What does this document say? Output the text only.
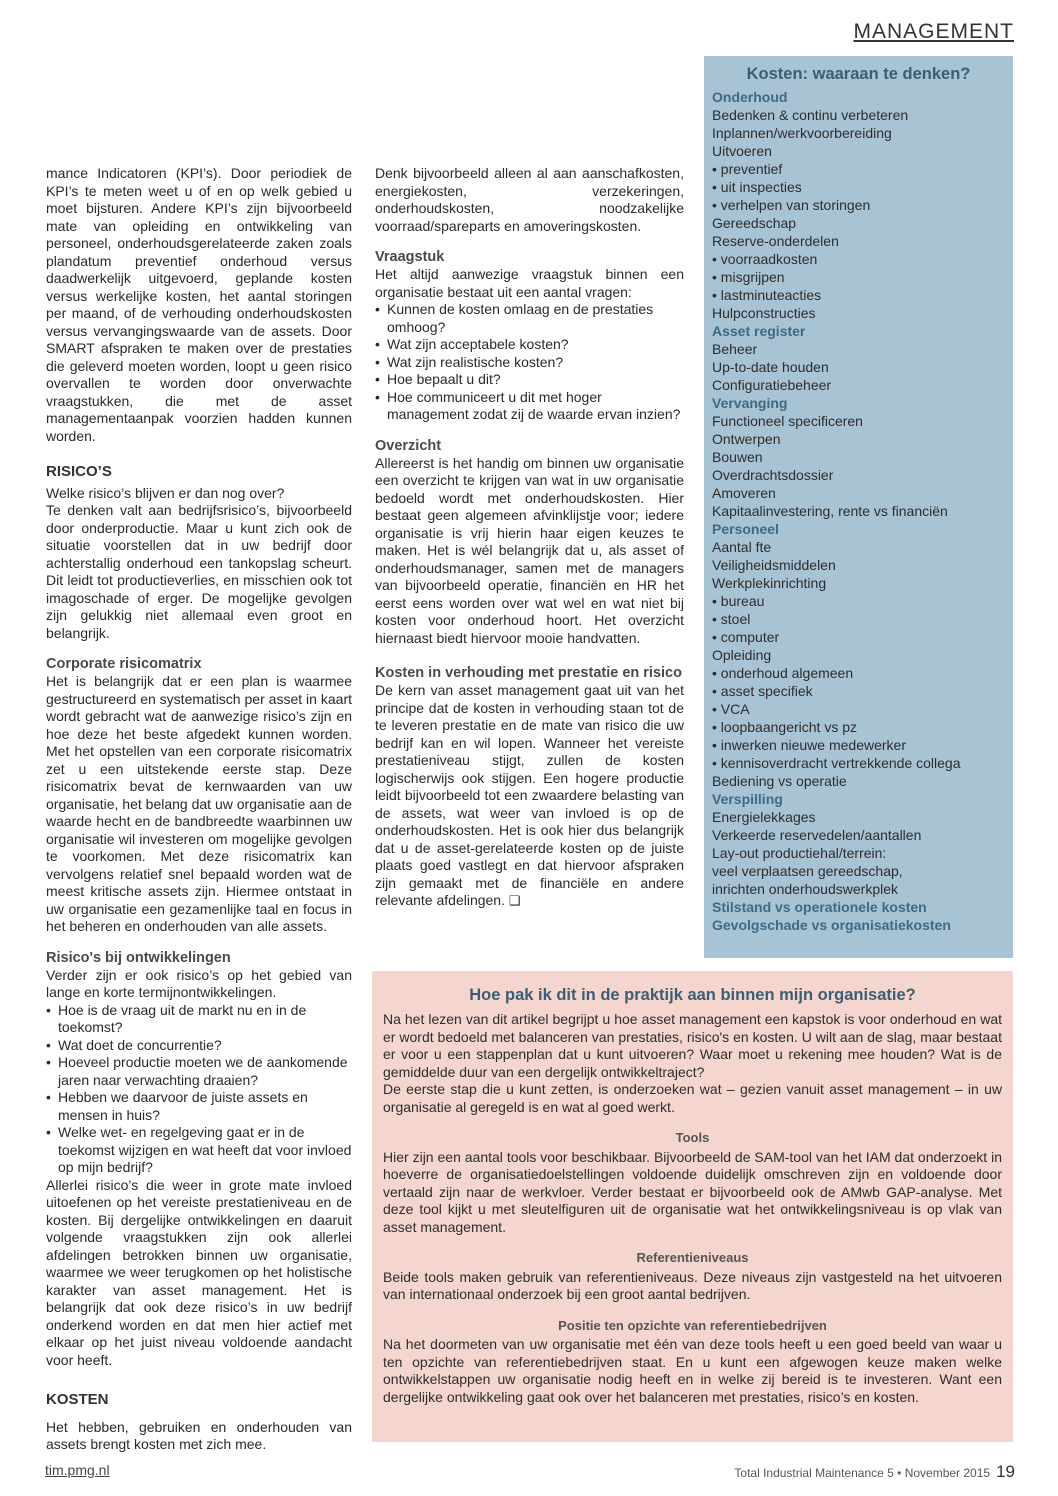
MANAGEMENT

mance Indicatoren (KPI’s). Door periodiek de KPI’s te meten weet u of en op welk gebied u moet bijsturen. Andere KPI’s zijn bijvoorbeeld mate van opleiding en ontwikkeling van personeel, onderhoudsgerelateerde zaken zoals plandatum preventief onderhoud versus daadwerkelijk uitgevoerd, geplande kosten versus werkelijke kosten, het aantal storingen per maand, of de verhouding onderhoudskosten versus vervangingswaarde van de assets. Door SMART afspraken te maken over de prestaties die geleverd moeten worden, loopt u geen risico overvallen te worden door onverwachte vraagstukken, die met de asset managementaanpak voorzien hadden kunnen worden.

RISICO’S

Welke risico’s blijven er dan nog over?

Te denken valt aan bedrijfsrisico’s, bijvoorbeeld door onderproductie. Maar u kunt zich ook de situatie voorstellen dat in uw bedrijf door achterstallig onderhoud een tankopslag scheurt. Dit leidt tot productieverlies, en misschien ook tot imagoschade of erger. De mogelijke gevolgen zijn gelukkig niet allemaal even groot en belangrijk.

Corporate risicomatrix

Het is belangrijk dat er een plan is waarmee gestructureerd en systematisch per asset in kaart wordt gebracht wat de aanwezige risico’s zijn en hoe deze het beste afgedekt kunnen worden. Met het opstellen van een corporate risicomatrix zet u een uitstekende eerste stap. Deze risicomatrix bevat de kernwaarden van uw organisatie, het belang dat uw organisatie aan de waarde hecht en de bandbreedte waarbinnen uw organisatie wil investeren om mogelijke gevolgen te voorkomen. Met deze risicomatrix kan vervolgens relatief snel bepaald worden wat de meest kritische assets zijn. Hiermee ontstaat in uw organisatie een gezamenlijke taal en focus in het beheren en onderhouden van alle assets.

Risico's bij ontwikkelingen

Verder zijn er ook risico’s op het gebied van lange en korte termijnontwikkelingen.

• Hoe is de vraag uit de markt nu en in de toekomst?
• Wat doet de concurrentie?
• Hoeveel productie moeten we de aankomende jaren naar verwachting draaien?
• Hebben we daarvoor de juiste assets en mensen in huis?
• Welke wet- en regelgeving gaat er in de toekomst wijzigen en wat heeft dat voor invloed op mijn bedrijf?

Allerlei risico’s die weer in grote mate invloed uitoefenen op het vereiste prestatieniveau en de kosten. Bij dergelijke ontwikkelingen en daaruit volgende vraagstukken zijn ook allerlei afdelingen betrokken binnen uw organisatie, waarmee we weer terugkomen op het holistische karakter van asset management. Het is belangrijk dat ook deze risico’s in uw bedrijf onderkend worden en dat men hier actief met elkaar op het juist niveau voldoende aandacht voor heeft.

KOSTEN

Het hebben, gebruiken en onderhouden van assets brengt kosten met zich mee.

Denk bijvoorbeeld alleen al aan aanschafkosten, energiekosten, verzekeringen, onderhoudskosten, noodzakelijke voorraad/spareparts en amoveringskosten.

Vraagstuk

Het altijd aanwezige vraagstuk binnen een organisatie bestaat uit een aantal vragen:

• Kunnen de kosten omlaag en de prestaties omhoog?
• Wat zijn acceptabele kosten?
• Wat zijn realistische kosten?
• Hoe bepaalt u dit?
• Hoe communiceert u dit met hoger management zodat zij de waarde ervan inzien?
Overzicht

Allereerst is het handig om binnen uw organisatie een overzicht te krijgen van wat in uw organisatie bedoeld wordt met onderhoudskosten. Hier bestaat geen algemeen afvinklijstje voor; iedere organisatie is vrij hierin haar eigen keuzes te maken. Het is wél belangrijk dat u, als asset of onderhoudsmanager, samen met de managers van bijvoorbeeld operatie, financiën en HR het eerst eens worden over wat wel en wat niet bij kosten voor onderhoud hoort. Het overzicht hiernaast biedt hiervoor mooie handvatten.

Kosten in verhouding met prestatie en risico

De kern van asset management gaat uit van het principe dat de kosten in verhouding staan tot de te leveren prestatie en de mate van risico die uw bedrijf kan en wil lopen. Wanneer het vereiste prestatieniveau stijgt, zullen de kosten logischerwijs ook stijgen. Een hogere productie leidt bijvoorbeeld tot een zwaardere belasting van de assets, wat weer van invloed is op de onderhoudskosten. Het is ook hier dus belangrijk dat u de asset-gerelateerde kosten op de juiste plaats goed vastlegt en dat hiervoor afspraken zijn gemaakt met de financiële en andere relevante afdelingen. ❑

Kosten: waaraan te denken?
Onderhoud
Bedenken & continu verbeteren
Inplannen/werkvoorbereiding
Uitvoeren
• preventief
• uit inspecties
• verhelpen van storingen
Gereedschap
Reserve-onderdelen
• voorraadkosten
• misgrijpen
• lastminuteacties
Hulpconstructies
Asset register
Beheer
Up-to-date houden
Configuratiebeheer
Vervanging
Functioneel specificeren
Ontwerpen
Bouwen
Overdrachtsdossier
Amoveren
Kapitaalinvestering, rente vs financiën
Personeel
Aantal fte
Veiligheidsmiddelen
Werkplekinrichting
• bureau
• stoel
• computer
Opleiding
• onderhoud algemeen
• asset specifiek
• VCA
• loopbaangericht vs pz
• inwerken nieuwe medewerker
• kennisoverdracht vertrekkende collega
Bediening vs operatie
Verspilling
Energielekkages
Verkeerde reservedelen/aantallen
Lay-out productiehal/terrein:
veel verplaatsen gereedschap,
inrichten onderhoudswerkplek
Stilstand vs operationele kosten
Gevolgschade vs organisatiekosten
Hoe pak ik dit in de praktijk aan binnen mijn organisatie?

Na het lezen van dit artikel begrijpt u hoe asset management een kapstok is voor onderhoud en wat er wordt bedoeld met balanceren van prestaties, risico's en kosten. U wilt aan de slag, maar bestaat er voor u een stappenplan dat u kunt uitvoeren? Waar moet u rekening mee houden? Wat is de gemiddelde duur van een dergelijk ontwikkeltraject?

De eerste stap die u kunt zetten, is onderzoeken wat – gezien vanuit asset management – in uw organisatie al geregeld is en wat al goed werkt.

Tools

Hier zijn een aantal tools voor beschikbaar. Bijvoorbeeld de SAM-tool van het IAM dat onderzoekt in hoeverre de organisatiedoelstellingen voldoende duidelijk omschreven zijn en voldoende door vertaald zijn naar de werkvloer. Verder bestaat er bijvoorbeeld ook de AMwb GAP-analyse. Met deze tool kijkt u met sleutelfiguren uit de organisatie wat het ontwikkelingsniveau is op vlak van asset management.

Referentieniveaus

Beide tools maken gebruik van referentieniveaus. Deze niveaus zijn vastgesteld na het uitvoeren van internationaal onderzoek bij een groot aantal bedrijven.

Positie ten opzichte van referentiebedrijven

Na het doormeten van uw organisatie met één van deze tools heeft u een goed beeld van waar u ten opzichte van referentiebedrijven staat. En u kunt een afgewogen keuze maken welke ontwikkelstappen uw organisatie nodig heeft en in welke zij bereid is te investeren. Want een dergelijke ontwikkeling gaat ook over het balanceren met prestaties, risico’s en kosten.

tim.pmg.nl	Total Industrial Maintenance 5 • November 2015 19
